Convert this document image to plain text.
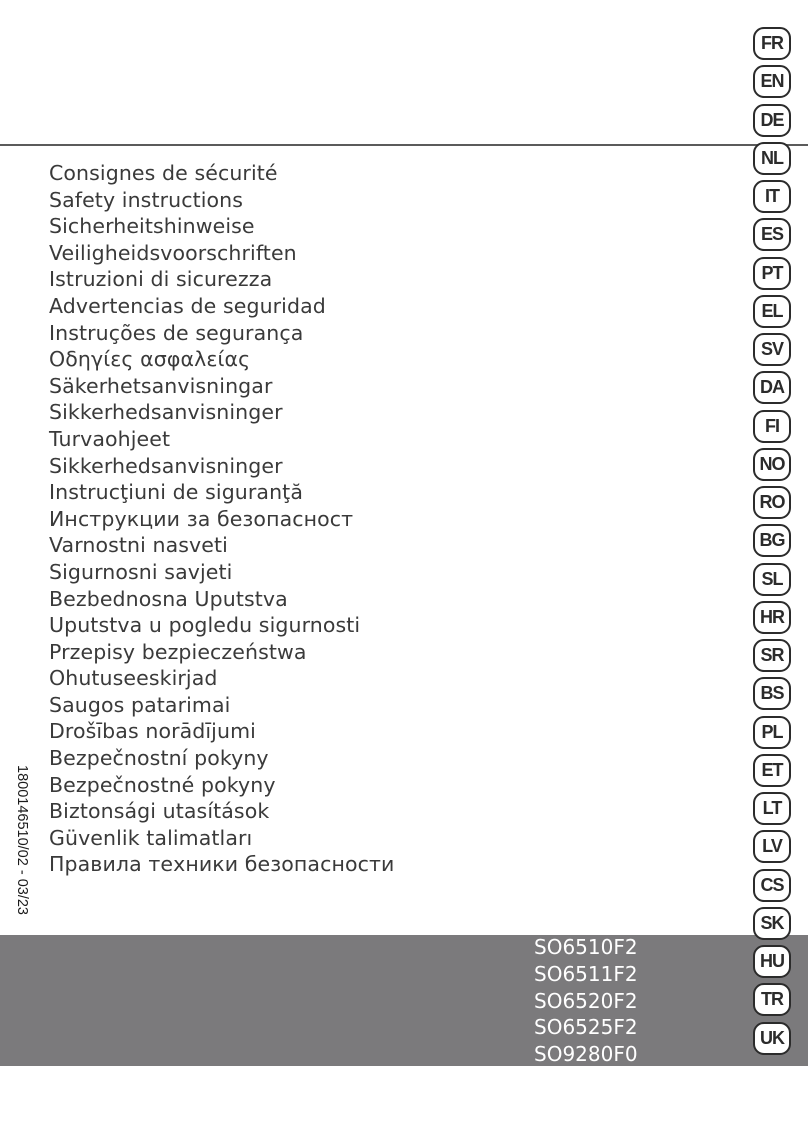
Consignes de sécurité
Safety instructions
Sicherheitshinweise
Veiligheidsvoorschriften
Istruzioni di sicurezza
Advertencias de seguridad
Instruções de segurança
Οδηγίες ασφαλείας
Säkerhetsanvisningar
Sikkerhedsanvisninger
Turvaohjeet
Sikkerhedsanvisninger
Instrucţiuni de siguranţă
Инструкции за безопасност
Varnostni nasveti
Sigurnosni savjeti
Bezbednosna Uputstva
Uputstva u pogledu sigurnosti
Przepisy bezpieczeństwa
Ohutuseeskirjad
Saugos patarimai
Drošības norādījumi
Bezpečnostní pokyny
Bezpečnostné pokyny
Biztonsági utasítások
Güvenlik talimatları
Правила техники безопасности
1800146510/02 - 03/23
SO6510F2
SO6511F2
SO6520F2
SO6525F2
SO9280F0
FR
EN
DE
NL
IT
ES
PT
EL
SV
DA
FI
NO
RO
BG
SL
HR
SR
BS
PL
ET
LT
LV
CS
SK
HU
TR
UK
